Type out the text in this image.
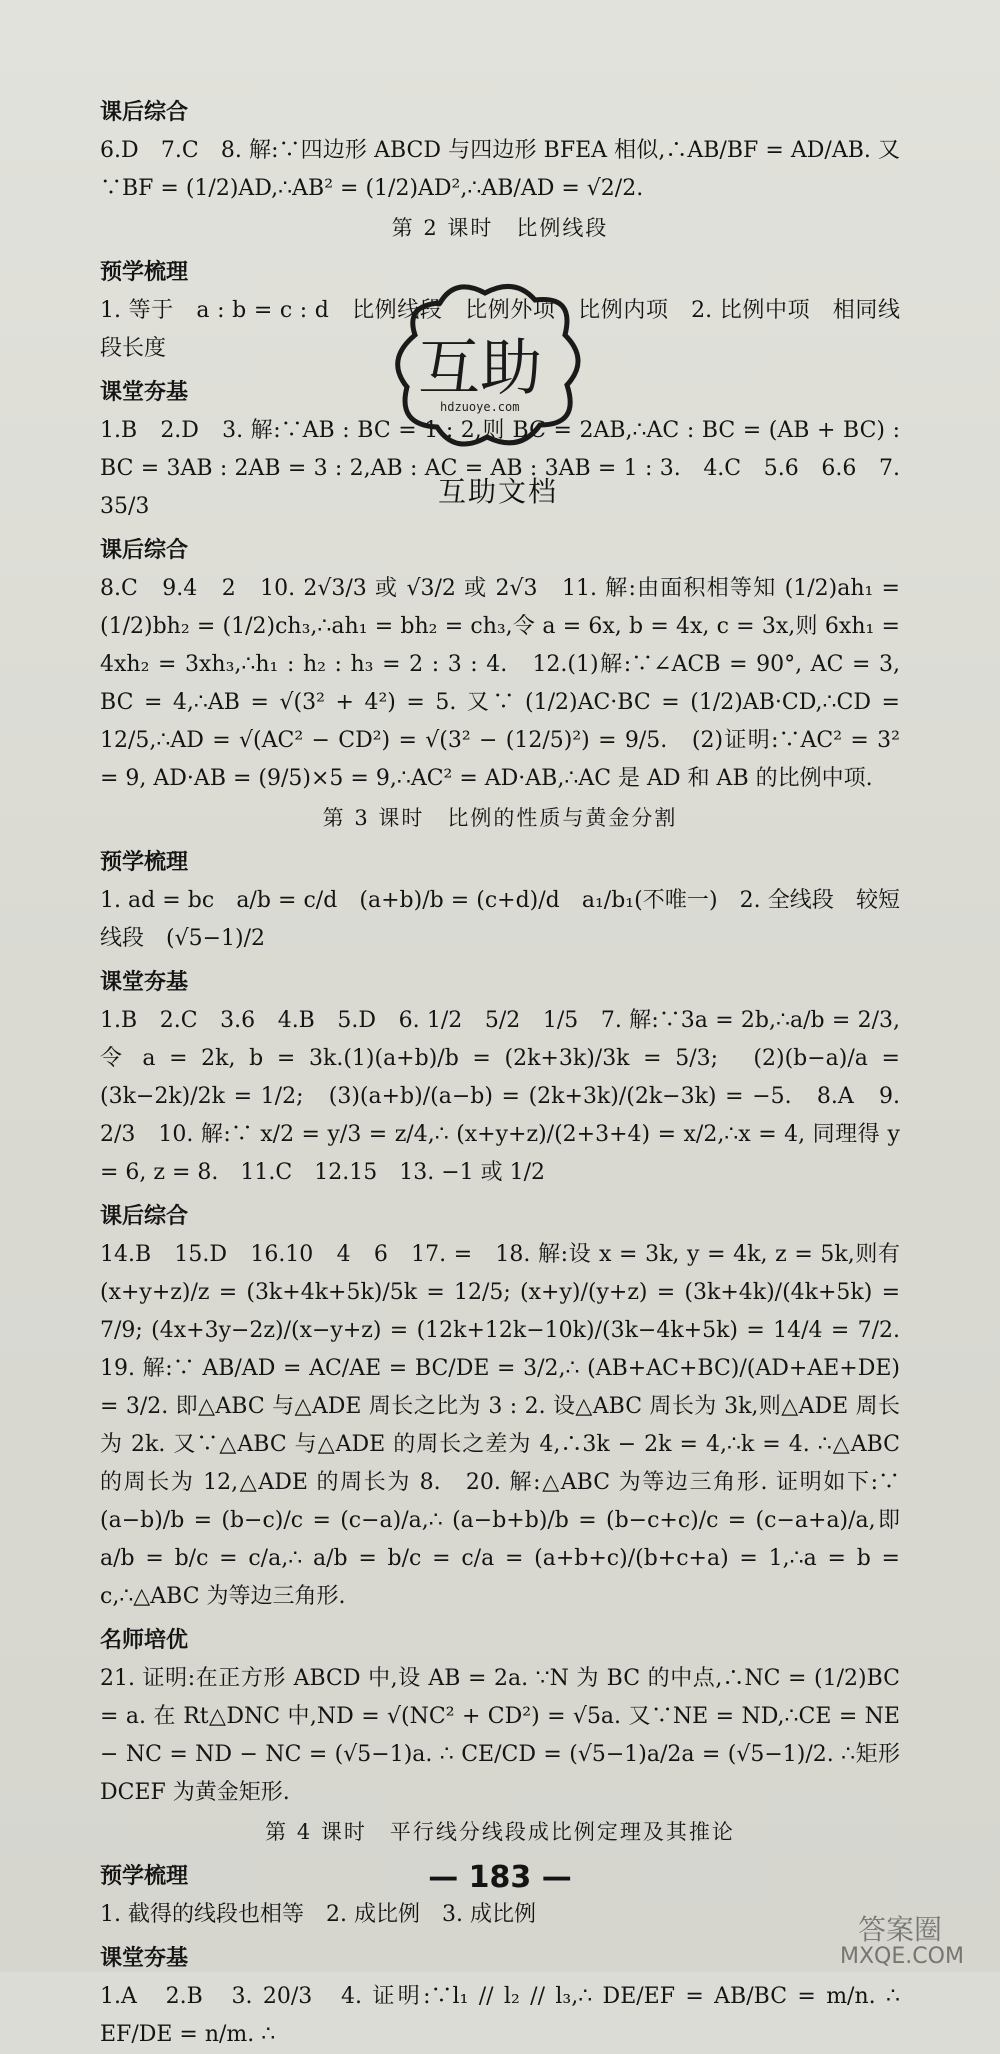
课后综合

6.D　7.C　8. 解:∵四边形 ABCD 与四边形 BFEA 相似,∴AB/BF = AD/AB. 又∵BF = (1/2)AD,∴AB² = (1/2)AD²,∴AB/AD = √2/2.

第 2 课时　比例线段
预学梳理

1. 等于　a : b = c : d　比例线段　比例外项　比例内项　2. 比例中项　相同线段长度

课堂夯基

1.B　2.D　3. 解:∵AB : BC = 1 : 2,则 BC = 2AB,∴AC : BC = (AB + BC) : BC = 3AB : 2AB = 3 : 2,AB : AC = AB : 3AB = 1 : 3.　4.C　5.6　6.6　7. 35/3

课后综合

8.C　9.4　2　10. 2√3/3 或 √3/2 或 2√3　11. 解:由面积相等知 (1/2)ah₁ = (1/2)bh₂ = (1/2)ch₃,∴ah₁ = bh₂ = ch₃,令 a = 6x, b = 4x, c = 3x,则 6xh₁ = 4xh₂ = 3xh₃,∴h₁ : h₂ : h₃ = 2 : 3 : 4.　12.(1)解:∵∠ACB = 90°, AC = 3, BC = 4,∴AB = √(3² + 4²) = 5. 又∵ (1/2)AC·BC = (1/2)AB·CD,∴CD = 12/5,∴AD = √(AC² − CD²) = √(3² − (12/5)²) = 9/5.　(2)证明:∵AC² = 3² = 9, AD·AB = (9/5)×5 = 9,∴AC² = AD·AB,∴AC 是 AD 和 AB 的比例中项.

第 3 课时　比例的性质与黄金分割
预学梳理

1. ad = bc　a/b = c/d　(a+b)/b = (c+d)/d　a₁/b₁(不唯一)　2. 全线段　较短线段　(√5−1)/2

课堂夯基

1.B　2.C　3.6　4.B　5.D　6. 1/2　5/2　1/5　7. 解:∵3a = 2b,∴a/b = 2/3,令 a = 2k, b = 3k.(1)(a+b)/b = (2k+3k)/3k = 5/3;　(2)(b−a)/a = (3k−2k)/2k = 1/2;　(3)(a+b)/(a−b) = (2k+3k)/(2k−3k) = −5.　8.A　9. 2/3　10. 解:∵ x/2 = y/3 = z/4,∴ (x+y+z)/(2+3+4) = x/2,∴x = 4, 同理得 y = 6, z = 8.　11.C　12.15　13. −1 或 1/2

课后综合

14.B　15.D　16.10　4　6　17. =　18. 解:设 x = 3k, y = 4k, z = 5k,则有 (x+y+z)/z = (3k+4k+5k)/5k = 12/5; (x+y)/(y+z) = (3k+4k)/(4k+5k) = 7/9; (4x+3y−2z)/(x−y+z) = (12k+12k−10k)/(3k−4k+5k) = 14/4 = 7/2.　19. 解:∵ AB/AD = AC/AE = BC/DE = 3/2,∴ (AB+AC+BC)/(AD+AE+DE) = 3/2. 即△ABC 与△ADE 周长之比为 3 : 2. 设△ABC 周长为 3k,则△ADE 周长为 2k. 又∵△ABC 与△ADE 的周长之差为 4,∴3k − 2k = 4,∴k = 4. ∴△ABC 的周长为 12,△ADE 的周长为 8.　20. 解:△ABC 为等边三角形. 证明如下:∵ (a−b)/b = (b−c)/c = (c−a)/a,∴ (a−b+b)/b = (b−c+c)/c = (c−a+a)/a,即 a/b = b/c = c/a,∴ a/b = b/c = c/a = (a+b+c)/(b+c+a) = 1,∴a = b = c,∴△ABC 为等边三角形.

名师培优

21. 证明:在正方形 ABCD 中,设 AB = 2a. ∵N 为 BC 的中点,∴NC = (1/2)BC = a. 在 Rt△DNC 中,ND = √(NC² + CD²) = √5a. 又∵NE = ND,∴CE = NE − NC = ND − NC = (√5−1)a. ∴ CE/CD = (√5−1)a/2a = (√5−1)/2. ∴矩形 DCEF 为黄金矩形.

第 4 课时　平行线分线段成比例定理及其推论
预学梳理

1. 截得的线段也相等　2. 成比例　3. 成比例

课堂夯基

1.A　2.B　3. 20/3　4. 证明:∵l₁ // l₂ // l₃,∴ DE/EF = AB/BC = m/n. ∴ EF/DE = n/m. ∴

互助
hdzuoye.com
互助文档
— 183 —
答案圈
MXQE.COM
